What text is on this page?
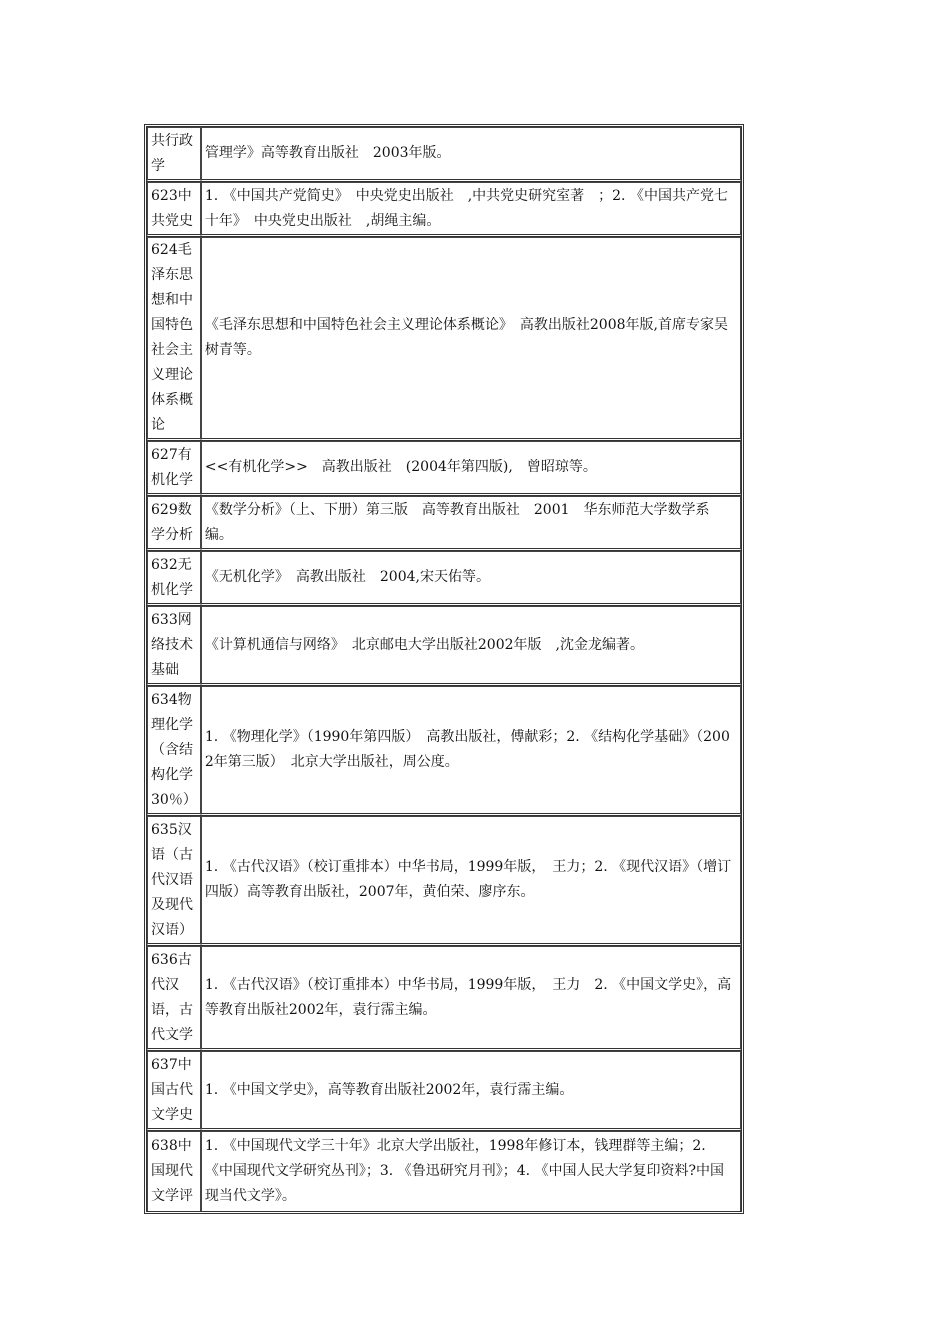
共行政学	管理学》高等教育出版社　2003年版。
623中共党史	1. 《中国共产党简史》　中央党史出版社　,中共党史研究室著　；2. 《中国共产党七十年》　中央党史出版社　,胡绳主编。
624毛泽东思想和中国特色社会主义理论体系概论	《毛泽东思想和中国特色社会主义理论体系概论》　高教出版社2008年版,首席专家吴树青等。
627有机化学	<<有机化学>>　高教出版社　(2004年第四版),　曾昭琼等。
629数学分析	《数学分析》（上、下册）第三版　高等教育出版社　2001　华东师范大学数学系编。
632无机化学	《无机化学》　高教出版社　2004,宋天佑等。
633网络技术基础	《计算机通信与网络》　北京邮电大学出版社2002年版　,沈金龙编著。
634物理化学（含结构化学30％）	1. 《物理化学》（1990年第四版）　高教出版社，傅献彩；2. 《结构化学基础》（2002年第三版）　北京大学出版社，周公度。
635汉语（古代汉语及现代汉语）	1. 《古代汉语》（校订重排本）中华书局，1999年版，　王力；2. 《现代汉语》（增订四版）高等教育出版社，2007年，黄伯荣、廖序东。
636古代汉语，古代文学	1. 《古代汉语》（校订重排本）中华书局，1999年版，　王力　2. 《中国文学史》，高等教育出版社2002年，袁行霈主编。
637中国古代文学史	1. 《中国文学史》，高等教育出版社2002年，袁行霈主编。
638中国现代文学评	1. 《中国现代文学三十年》北京大学出版社，1998年修订本，钱理群等主编；2. 《中国现代文学研究丛刊》；3. 《鲁迅研究月刊》；4. 《中国人民大学复印资料?中国现当代文学》。
